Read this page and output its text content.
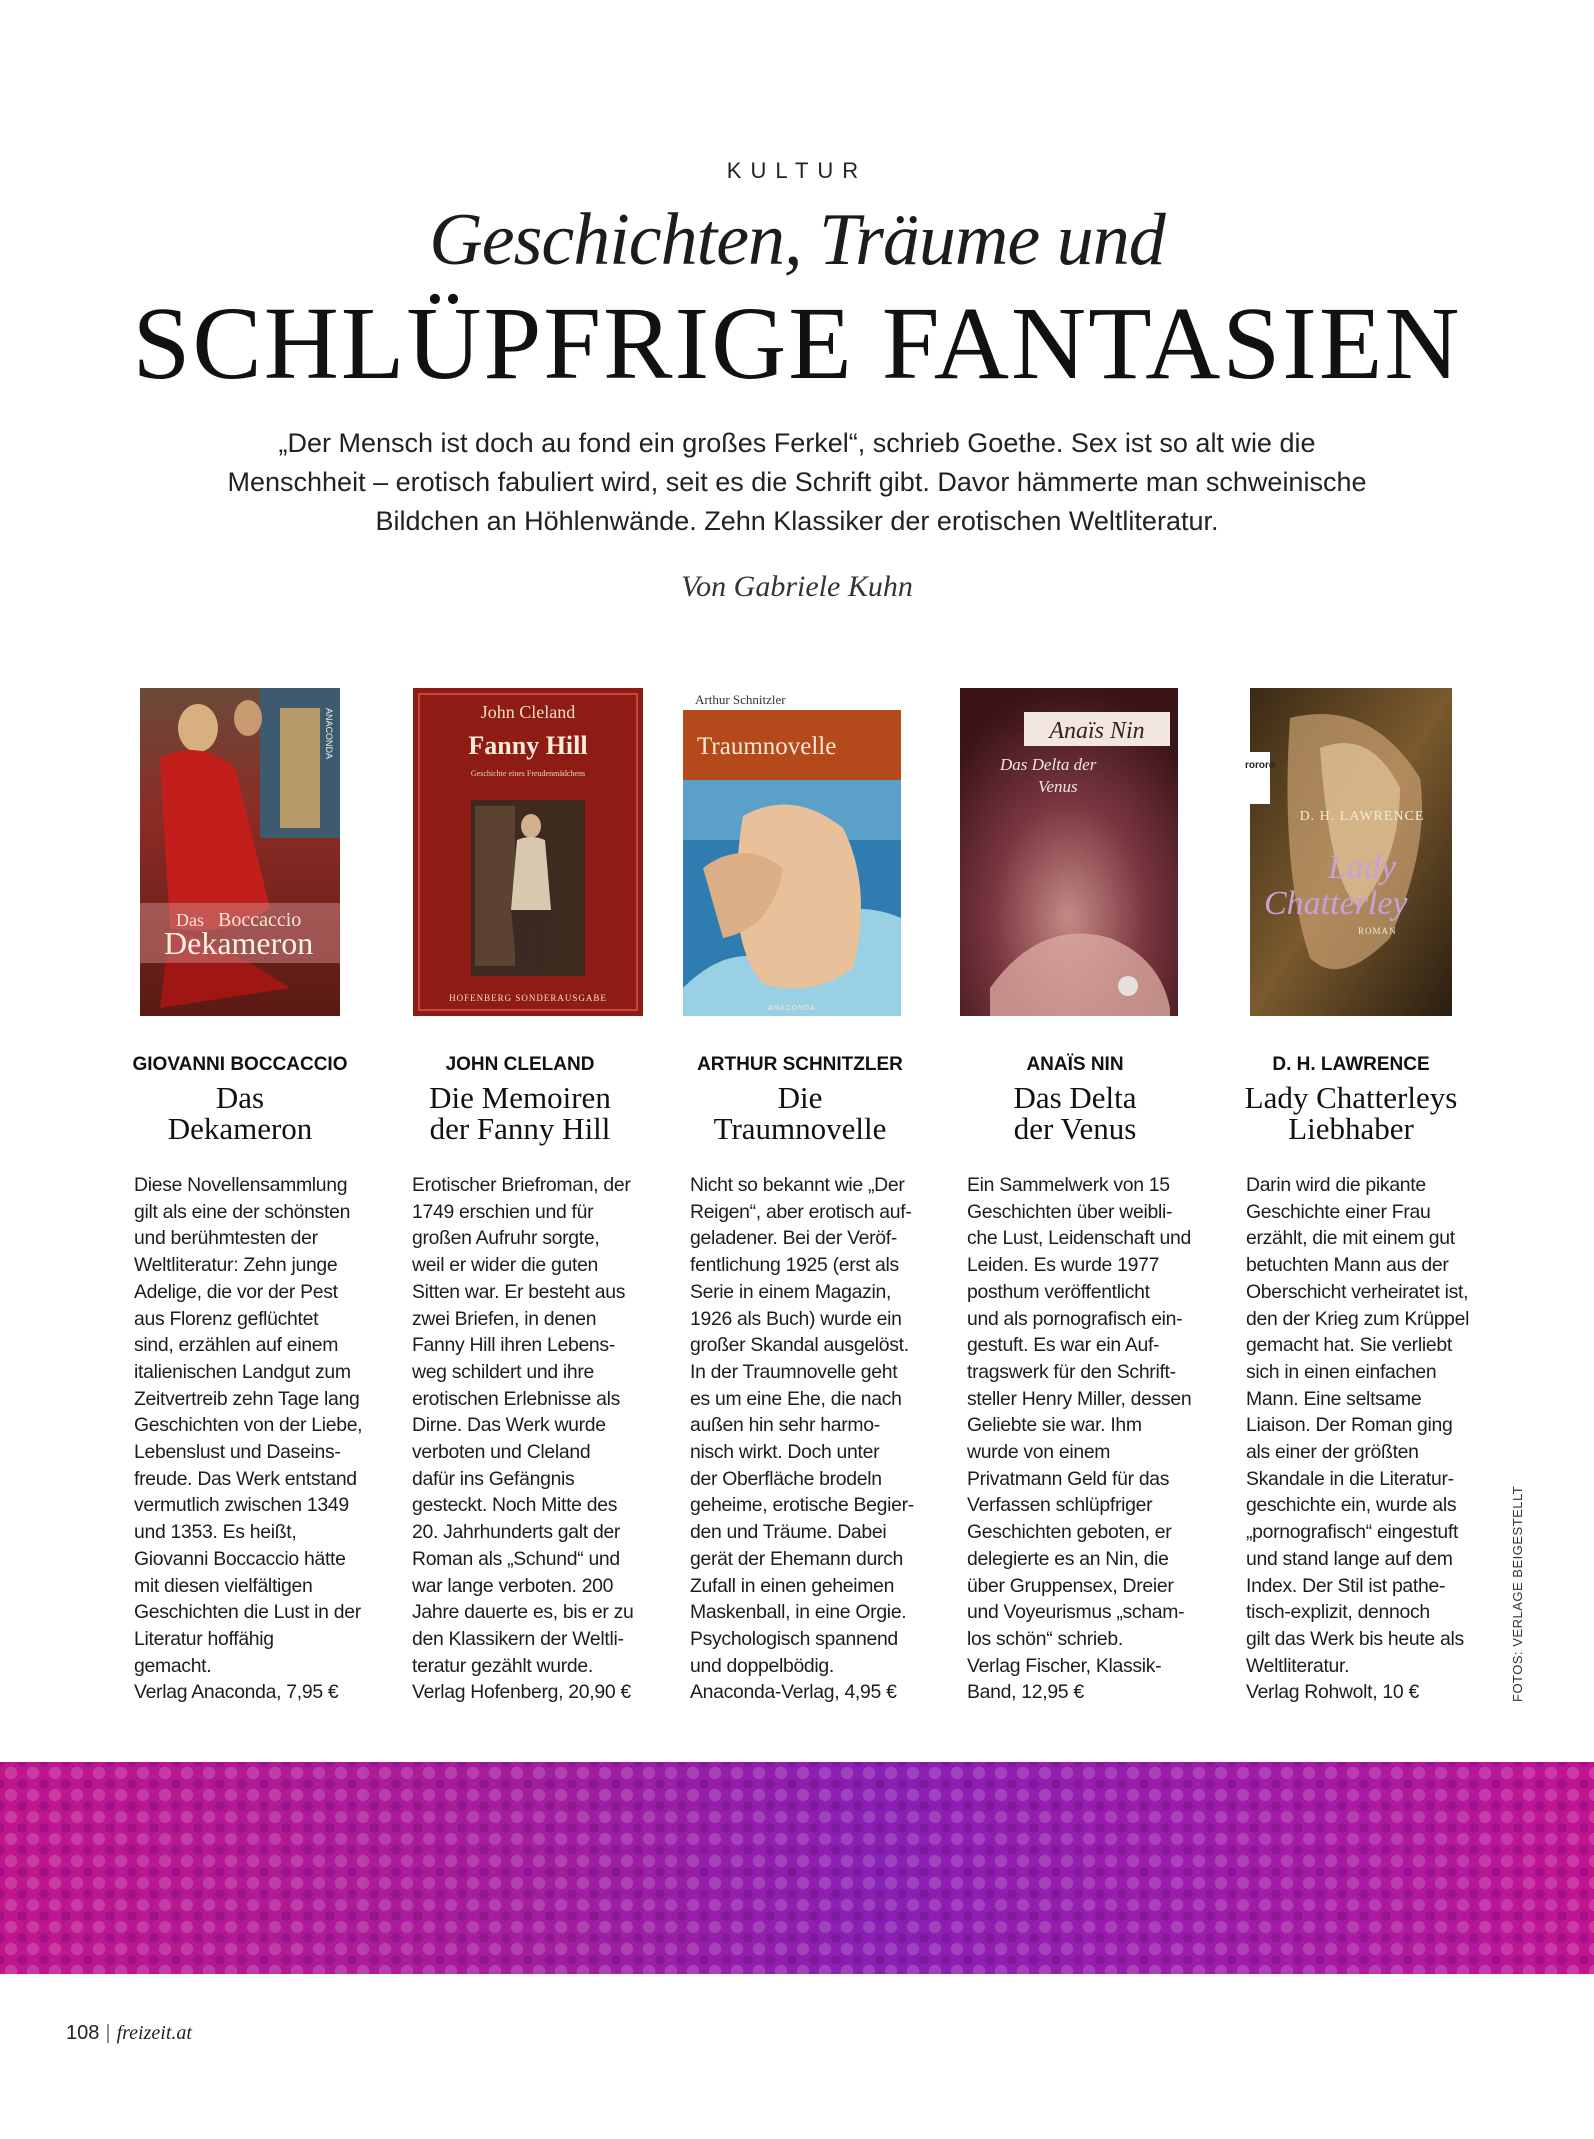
KULTUR
Geschichten, Träume und
SCHLÜPFRIGE FANTASIEN
„Der Mensch ist doch au fond ein großes Ferkel“, schrieb Goethe. Sex ist so alt wie die Menschheit – erotisch fabuliert wird, seit es die Schrift gibt. Davor hämmerte man schweinische Bildchen an Höhlenwände. Zehn Klassiker der erotischen Weltliteratur.
Von Gabriele Kuhn
Das Boccaccio
Dekameron
ANACONDA	John Cleland
Fanny Hill
Geschichte eines Freudenmädchens
HOFENBERG SONDERAUSGABE
Arthur Schnitzler
Traumnovelle
ANACONDA
Anaïs Nin
Das Delta der
Venus
rororo
D. H. LAWRENCE
Lady
Chatterley
ROMAN
GIOVANNI BOCCACCIO
Das
Dekameron
Diese Novellensammlung
gilt als eine der schönsten
und berühmtesten der
Weltliteratur: Zehn junge
Adelige, die vor der Pest
aus Florenz geflüchtet
sind, erzählen auf einem
italienischen Landgut zum
Zeitvertreib zehn Tage lang
Geschichten von der Liebe,
Lebenslust und Daseins-
freude. Das Werk entstand
vermutlich zwischen 1349
und 1353. Es heißt,
Giovanni Boccaccio hätte
mit diesen vielfältigen
Geschichten die Lust in der
Literatur hoffähig
gemacht.
Verlag Anaconda, 7,95 €
JOHN CLELAND
Die Memoiren
der Fanny Hill
Erotischer Briefroman, der
1749 erschien und für
großen Aufruhr sorgte,
weil er wider die guten
Sitten war. Er besteht aus
zwei Briefen, in denen
Fanny Hill ihren Lebens-
weg schildert und ihre
erotischen Erlebnisse als
Dirne. Das Werk wurde
verboten und Cleland
dafür ins Gefängnis
gesteckt. Noch Mitte des
20. Jahrhunderts galt der
Roman als „Schund“ und
war lange verboten. 200
Jahre dauerte es, bis er zu
den Klassikern der Weltli-
teratur gezählt wurde.
Verlag Hofenberg, 20,90 €
ARTHUR SCHNITZLER
Die
Traumnovelle
Nicht so bekannt wie „Der
Reigen“, aber erotisch auf-
geladener. Bei der Veröf-
fentlichung 1925 (erst als
Serie in einem Magazin,
1926 als Buch) wurde ein
großer Skandal ausgelöst.
In der Traumnovelle geht
es um eine Ehe, die nach
außen hin sehr harmo-
nisch wirkt. Doch unter
der Oberfläche brodeln
geheime, erotische Begier-
den und Träume. Dabei
gerät der Ehemann durch
Zufall in einen geheimen
Maskenball, in eine Orgie.
Psychologisch spannend
und doppelbödig.
Anaconda-Verlag, 4,95 €
ANAÏS NIN
Das Delta
der Venus
Ein Sammelwerk von 15
Geschichten über weibli-
che Lust, Leidenschaft und
Leiden. Es wurde 1977
posthum veröffentlicht
und als pornografisch ein-
gestuft. Es war ein Auf-
tragswerk für den Schrift-
steller Henry Miller, dessen
Geliebte sie war. Ihm
wurde von einem
Privatmann Geld für das
Verfassen schlüpfriger
Geschichten geboten, er
delegierte es an Nin, die
über Gruppensex, Dreier
und Voyeurismus „scham-
los schön“ schrieb.
Verlag Fischer, Klassik-
Band, 12,95 €
D. H. LAWRENCE
Lady Chatterleys
Liebhaber
Darin wird die pikante
Geschichte einer Frau
erzählt, die mit einem gut
betuchten Mann aus der
Oberschicht verheiratet ist,
den der Krieg zum Krüppel
gemacht hat. Sie verliebt
sich in einen einfachen
Mann. Eine seltsame
Liaison. Der Roman ging
als einer der größten
Skandale in die Literatur-
geschichte ein, wurde als
„pornografisch“ eingestuft
und stand lange auf dem
Index. Der Stil ist pathe-
tisch-explizit, dennoch
gilt das Werk bis heute als
Weltliteratur.
Verlag Rohwolt, 10 €	FOTOS: VERLAGE BEIGESTELLT
108 | freizeit.at
